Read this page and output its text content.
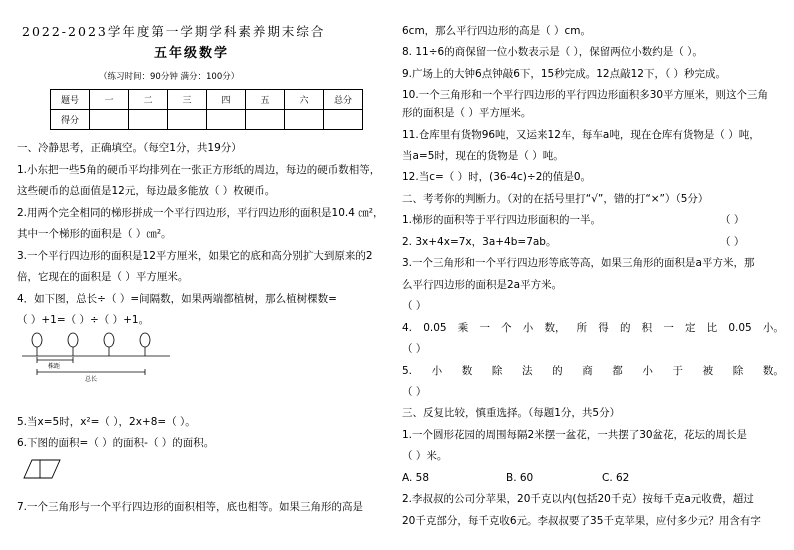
2022-2023学年度第一学期学科素养期末综合
五年级数学
（练习时间：90分钟 满分：100分）
题号	一	二	三	四	五	六	总分
得分							
一、冷静思考，正确填空。（每空1分，共19分）
1.小东把一些5角的硬币平均排列在一张正方形纸的周边，每边的硬币数相等，
这些硬币的总面值是12元，每边最多能放（ ）枚硬币。
2.用两个完全相同的梯形拼成一个平行四边形，平行四边形的面积是10.4 ㎝²，
其中一个梯形的面积是（ ）㎝²。
3.一个平行四边形的面积是12平方厘米，如果它的底和高分别扩大到原来的2
倍，它现在的面积是（ ）平方厘米。
4．如下图，总长÷（ ）=间隔数，如果两端都植树，那么植树棵数=
（ ）+1=（ ）÷（ ）+1。
株距
总长
5.当x=5时，x²=（ ），2x+8=（ ）。
6.下图的面积=（ ）的面积-（ ）的面积。
7.一个三角形与一个平行四边形的面积相等，底也相等。如果三角形的高是
6cm，那么平行四边形的高是（ ）cm。
8. 11÷6的商保留一位小数表示是（ ），保留两位小数约是（ ）。
9.广场上的大钟6点钟敲6下，15秒完成。12点敲12下，（ ）秒完成。
10.一个三角形和一个平行四边形的平行四边形面积多30平方厘米，则这个三角
形的面积是（ ）平方厘米。
11.仓库里有货物96吨，又运来12车，每车a吨，现在仓库有货物是（ ）吨，
当a=5时，现在的货物是（ ）吨。
12.当c=（ ）时，(36-4c)÷2的值是0。
二、考考你的判断力。（对的在括号里打“√”，错的打“×”）（5分）
1.梯形的面积等于平行四边形面积的一半。	（ ）
2. 3x+4x=7x，3a+4b=7ab。	（ ）
3.一个三角形和一个平行四边形等底等高，如果三角形的面积是a平方米，那
么平行四边形的面积是2a平方米。
（ ）
4. 0.05 乘 一 个 小 数， 所 得 的 积 一 定 比 0.05 小。
（ ）
5. 小 数 除 法 的 商 都 小 于 被 除 数。
（ ）
三、反复比较，慎重选择。（每题1分，共5分）
1.一个圆形花园的周围每隔2米摆一盆花，一共摆了30盆花，花坛的周长是
（ ）米。
A. 58	B. 60	C. 62
2.李叔叔的公司分苹果，20千克以内(包括20千克）按每千克a元收费，超过
20千克部分，每千克收6元。李叔叔要了35千克苹果，应付多少元？用含有字
